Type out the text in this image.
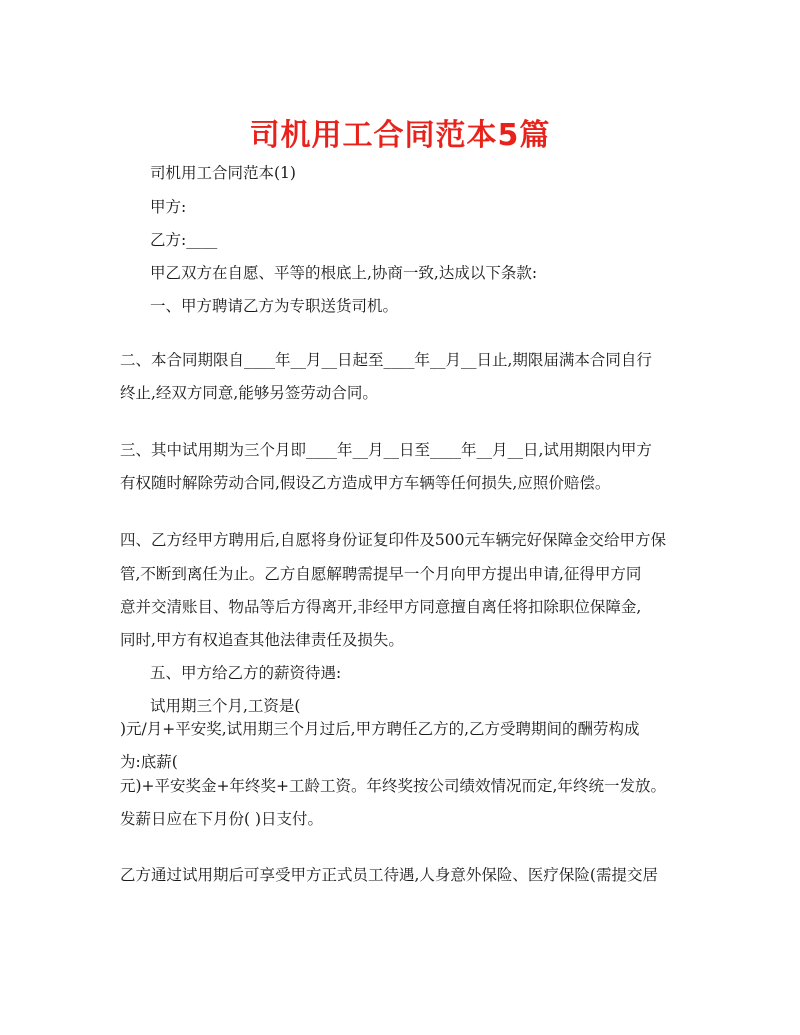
司机用工合同范本5篇
司机用工合同范本(1)
甲方:
乙方:____
甲乙双方在自愿、平等的根底上,协商一致,达成以下条款:
一、甲方聘请乙方为专职送货司机。
二、本合同期限自____年__月__日起至____年__月__日止,期限届满本合同自行
终止,经双方同意,能够另签劳动合同。
三、其中试用期为三个月即____年__月__日至____年__月__日,试用期限内甲方
有权随时解除劳动合同,假设乙方造成甲方车辆等任何损失,应照价赔偿。
四、乙方经甲方聘用后,自愿将身份证复印件及500元车辆完好保障金交给甲方保
管,不断到离任为止。乙方自愿解聘需提早一个月向甲方提出申请,征得甲方同
意并交清账目、物品等后方得离开,非经甲方同意擅自离任将扣除职位保障金,
同时,甲方有权追查其他法律责任及损失。
五、甲方给乙方的薪资待遇:
试用期三个月,工资是(
)元/月+平安奖,试用期三个月过后,甲方聘任乙方的,乙方受聘期间的酬劳构成
为:底薪(
元)+平安奖金+年终奖+工龄工资。年终奖按公司绩效情况而定,年终统一发放。
发薪日应在下月份( )日支付。
乙方通过试用期后可享受甲方正式员工待遇,人身意外保险、医疗保险(需提交居
